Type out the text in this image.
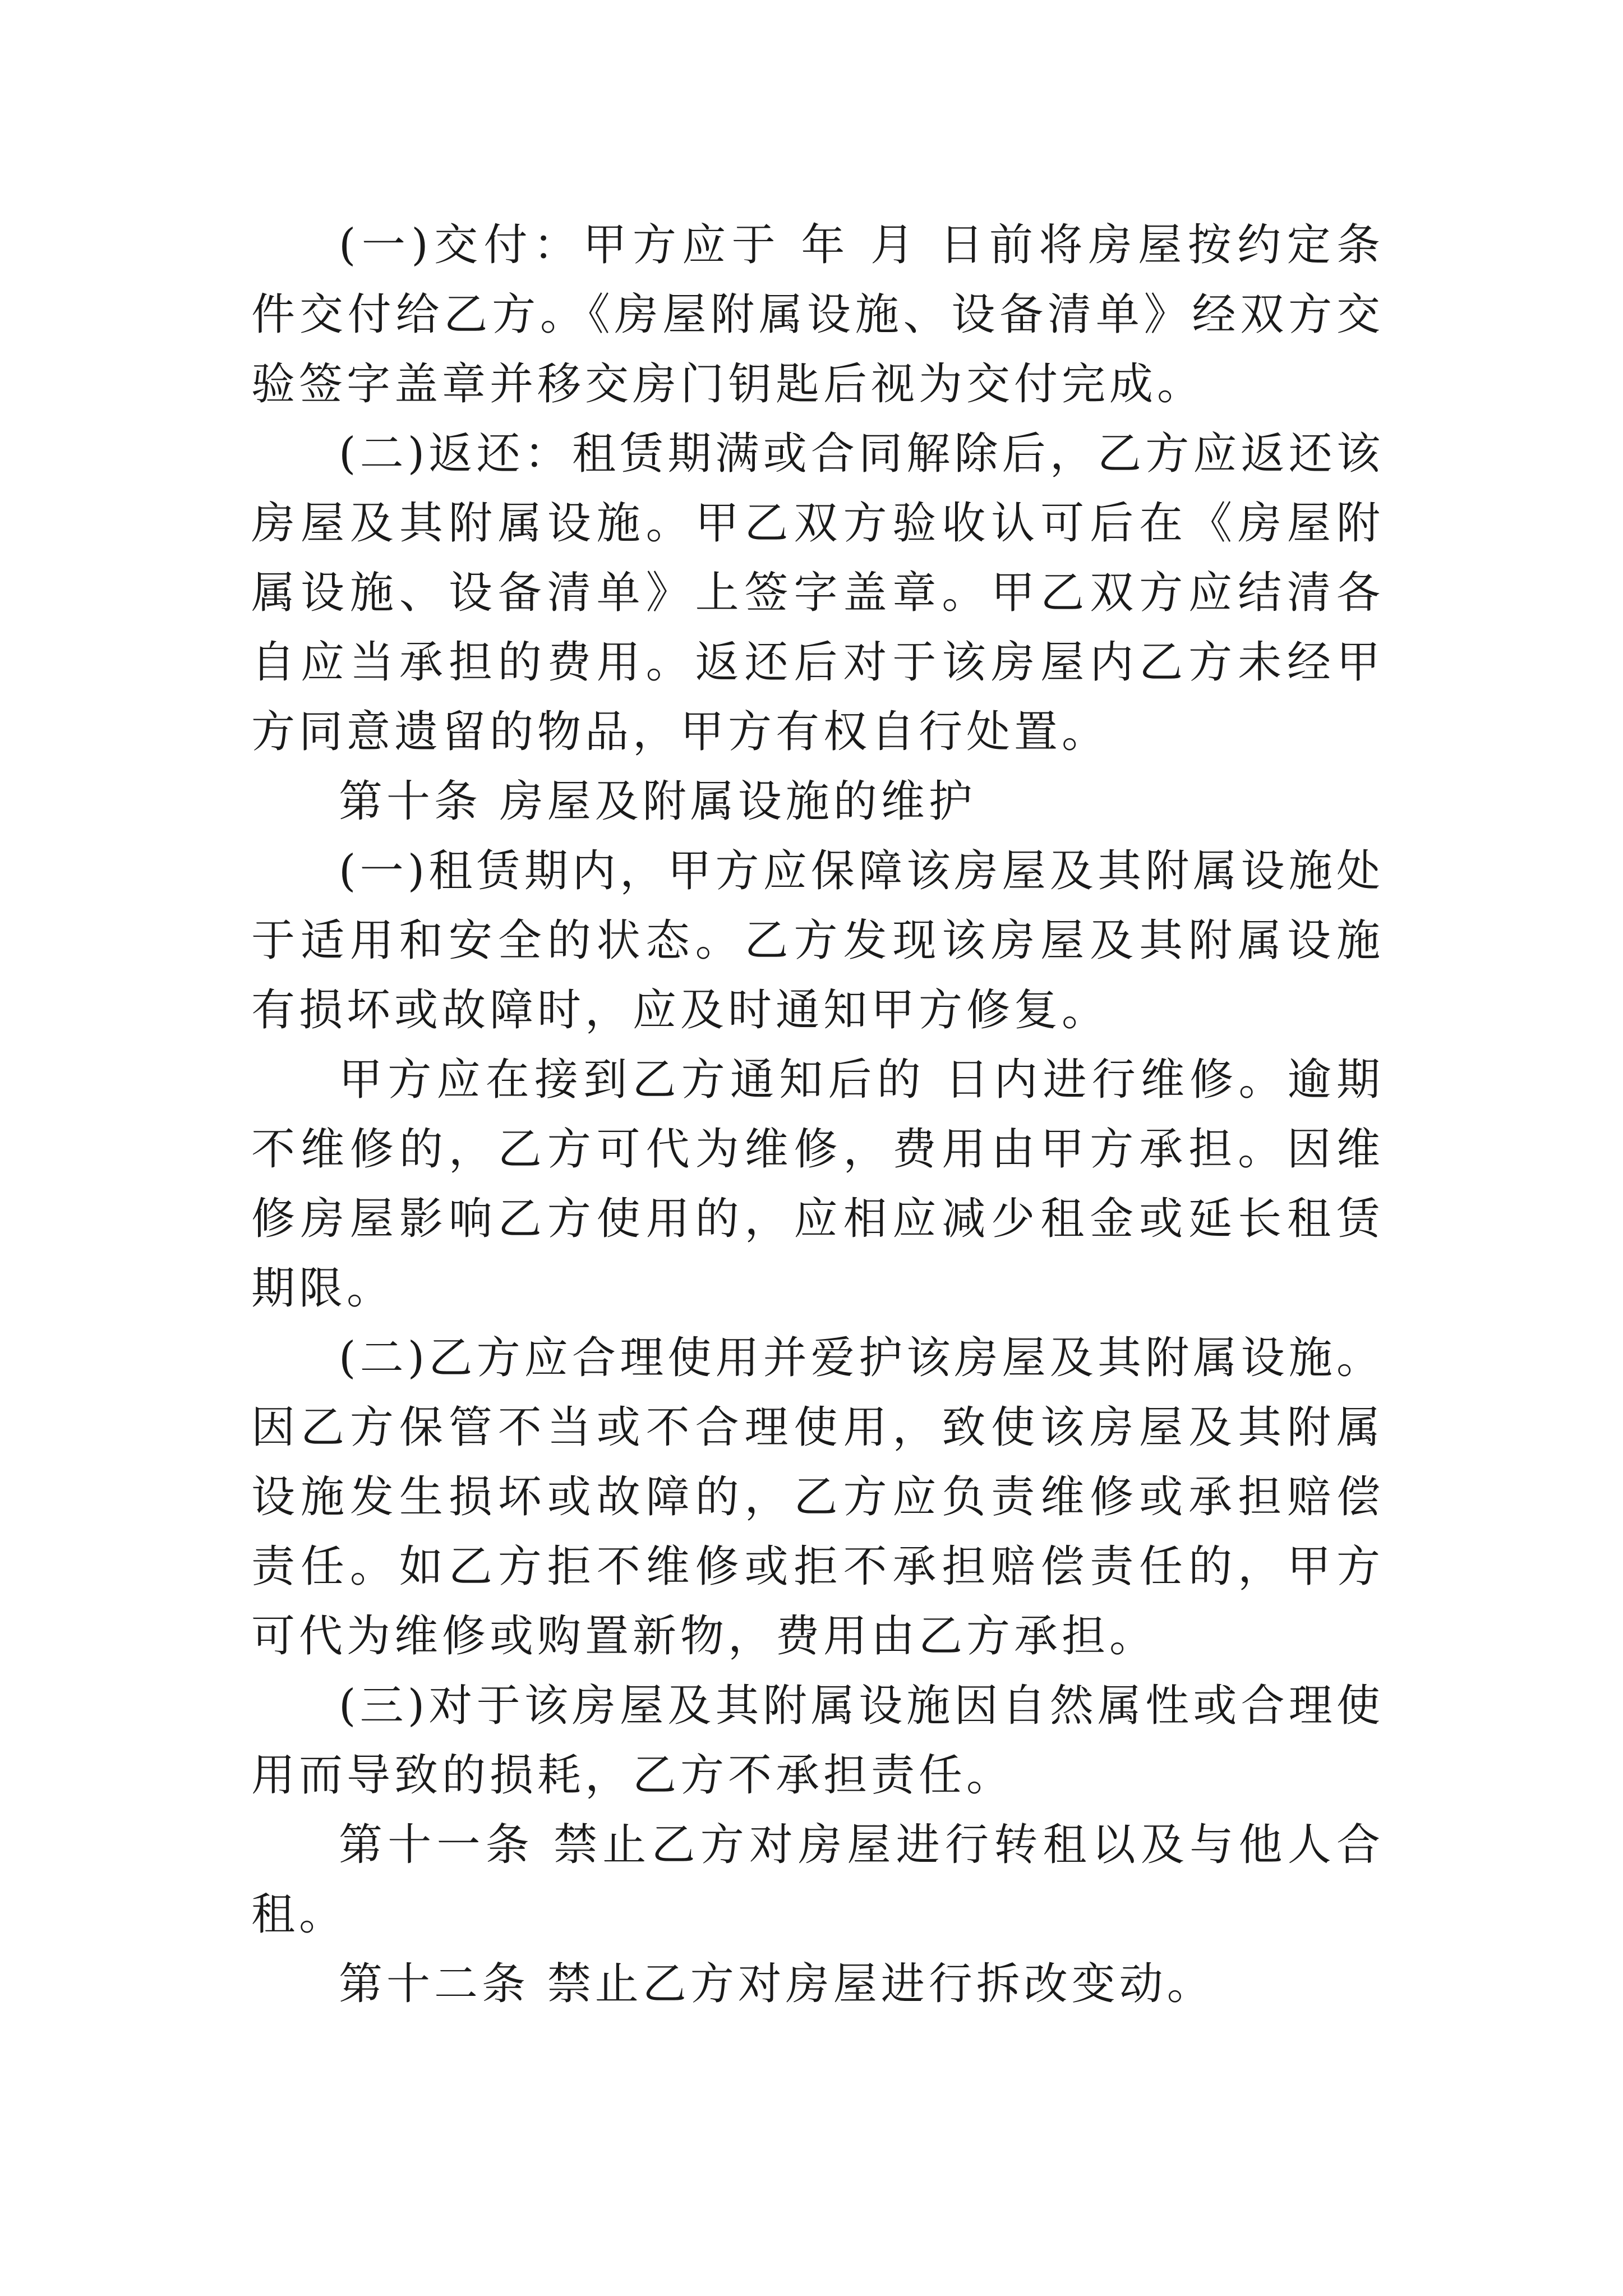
(一)交付：甲方应于 年 月 日前将房屋按约定条件交付给乙方。《房屋附属设施、设备清单》经双方交验签字盖章并移交房门钥匙后视为交付完成。

(二)返还：租赁期满或合同解除后，乙方应返还该房屋及其附属设施。甲乙双方验收认可后在《房屋附属设施、设备清单》上签字盖章。甲乙双方应结清各自应当承担的费用。返还后对于该房屋内乙方未经甲方同意遗留的物品，甲方有权自行处置。

第十条 房屋及附属设施的维护

(一)租赁期内，甲方应保障该房屋及其附属设施处于适用和安全的状态。乙方发现该房屋及其附属设施有损坏或故障时，应及时通知甲方修复。

甲方应在接到乙方通知后的 日内进行维修。逾期不维修的，乙方可代为维修，费用由甲方承担。因维修房屋影响乙方使用的，应相应减少租金或延长租赁期限。

(二)乙方应合理使用并爱护该房屋及其附属设施。因乙方保管不当或不合理使用，致使该房屋及其附属设施发生损坏或故障的，乙方应负责维修或承担赔偿责任。如乙方拒不维修或拒不承担赔偿责任的，甲方可代为维修或购置新物，费用由乙方承担。

(三)对于该房屋及其附属设施因自然属性或合理使用而导致的损耗，乙方不承担责任。

第十一条 禁止乙方对房屋进行转租以及与他人合租。

第十二条 禁止乙方对房屋进行拆改变动。
